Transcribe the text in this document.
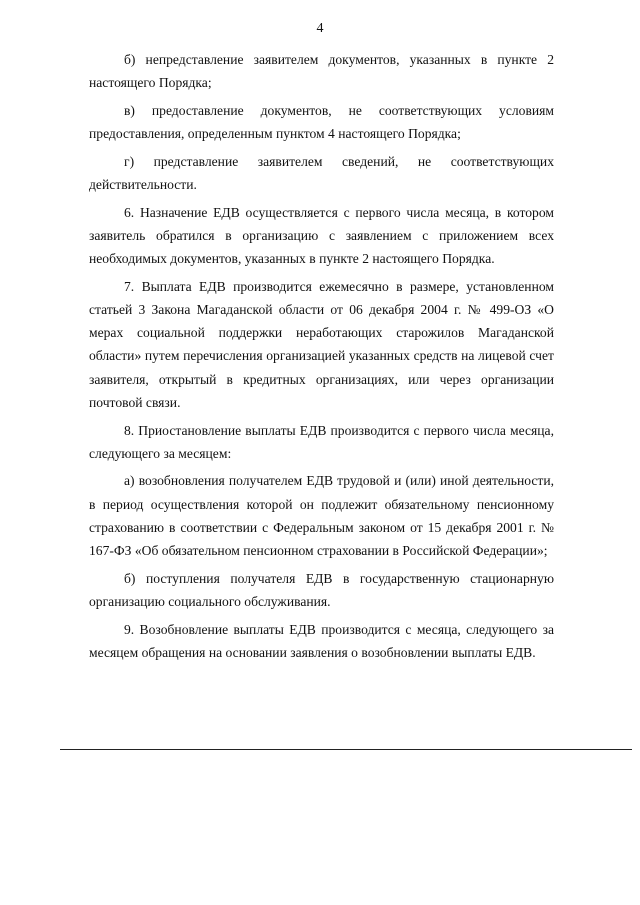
4

б) непредставление заявителем документов, указанных в пункте 2 настоящего Порядка;

в) предоставление документов, не соответствующих условиям предоставления, определенным пунктом 4 настоящего Порядка;

г) представление заявителем сведений, не соответствующих действительности.

6. Назначение ЕДВ осуществляется с первого числа месяца, в котором заявитель обратился в организацию с заявлением с приложением всех необходимых документов, указанных в пункте 2 настоящего Порядка.

7. Выплата ЕДВ производится ежемесячно в размере, установленном статьей 3 Закона Магаданской области от 06 декабря 2004 г. № 499-ОЗ «О мерах социальной поддержки неработающих старожилов Магаданской области» путем перечисления организацией указанных средств на лицевой счет заявителя, открытый в кредитных организациях, или через организации почтовой связи.

8. Приостановление выплаты ЕДВ производится с первого числа месяца, следующего за месяцем:

а) возобновления получателем ЕДВ трудовой и (или) иной деятельности, в период осуществления которой он подлежит обязательному пенсионному страхованию в соответствии с Федеральным законом от 15 декабря 2001 г. № 167-ФЗ «Об обязательном пенсионном страховании в Российской Федерации»;

б) поступления получателя ЕДВ в государственную стационарную организацию социального обслуживания.

9. Возобновление выплаты ЕДВ производится с месяца, следующего за месяцем обращения на основании заявления о возобновлении выплаты ЕДВ.
